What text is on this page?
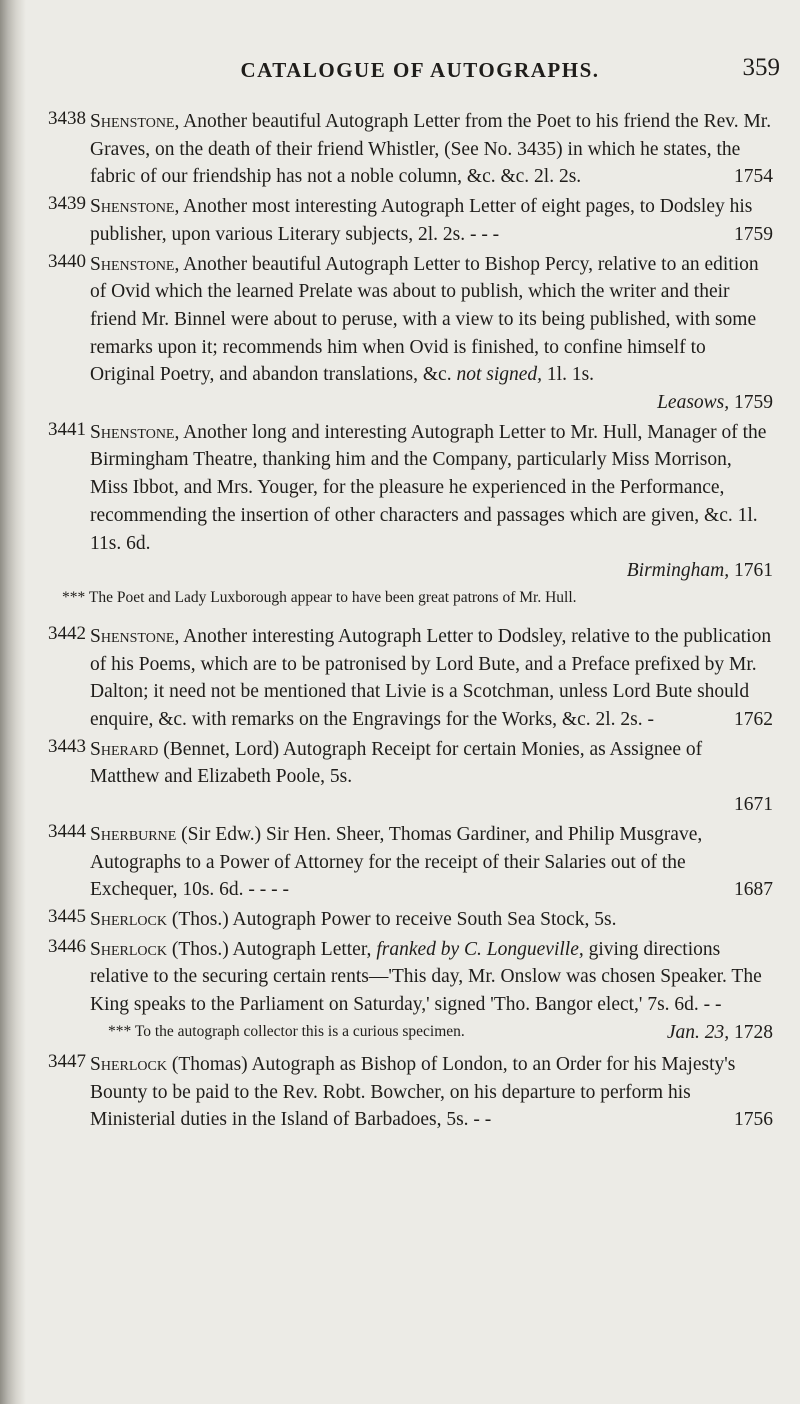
CATALOGUE OF AUTOGRAPHS.	359
3438 Shenstone, Another beautiful Autograph Letter from the Poet to his friend the Rev. Mr. Graves, on the death of their friend Whistler, (See No. 3435) in which he states, the fabric of our friendship has not a noble column, &c. &c. 2l. 2s.	1754
3439 Shenstone, Another most interesting Autograph Letter of eight pages, to Dodsley his publisher, upon various Literary subjects, 2l. 2s. - - -	1759
3440 Shenstone, Another beautiful Autograph Letter to Bishop Percy, relative to an edition of Ovid which the learned Prelate was about to publish, which the writer and their friend Mr. Binnel were about to peruse, with a view to its being published, with some remarks upon it; recommends him when Ovid is finished, to confine himself to Original Poetry, and abandon translations, &c. not signed, 1l. 1s.
Leasows, 1759
3441 Shenstone, Another long and interesting Autograph Letter to Mr. Hull, Manager of the Birmingham Theatre, thanking him and the Company, particularly Miss Morrison, Miss Ibbot, and Mrs. Youger, for the pleasure he experienced in the Performance, recommending the insertion of other characters and passages which are given, &c. 1l. 11s. 6d.
Birmingham, 1761
*** The Poet and Lady Luxborough appear to have been great patrons of Mr. Hull.
3442 Shenstone, Another interesting Autograph Letter to Dodsley, relative to the publication of his Poems, which are to be patronised by Lord Bute, and a Preface prefixed by Mr. Dalton; it need not be mentioned that Livie is a Scotchman, unless Lord Bute should enquire, &c. with remarks on the Engravings for the Works, &c. 2l. 2s. -	1762
3443 Sherard (Bennet, Lord) Autograph Receipt for certain Monies, as Assignee of Matthew and Elizabeth Poole, 5s.
1671
3444 Sherburne (Sir Edw.) Sir Hen. Sheer, Thomas Gardiner, and Philip Musgrave, Autographs to a Power of Attorney for the receipt of their Salaries out of the Exchequer, 10s. 6d. - - - -	1687
3445 Sherlock (Thos.) Autograph Power to receive South Sea Stock, 5s.
3446 Sherlock (Thos.) Autograph Letter, franked by C. Longueville, giving directions relative to the securing certain rents—'This day, Mr. Onslow was chosen Speaker. The King speaks to the Parliament on Saturday,' signed 'Tho. Bangor elect,' 7s. 6d. - -
Jan. 23, 1728
*** To the autograph collector this is a curious specimen.
3447 Sherlock (Thomas) Autograph as Bishop of London, to an Order for his Majesty's Bounty to be paid to the Rev. Robt. Bowcher, on his departure to perform his Ministerial duties in the Island of Barbadoes, 5s. - -	1756
